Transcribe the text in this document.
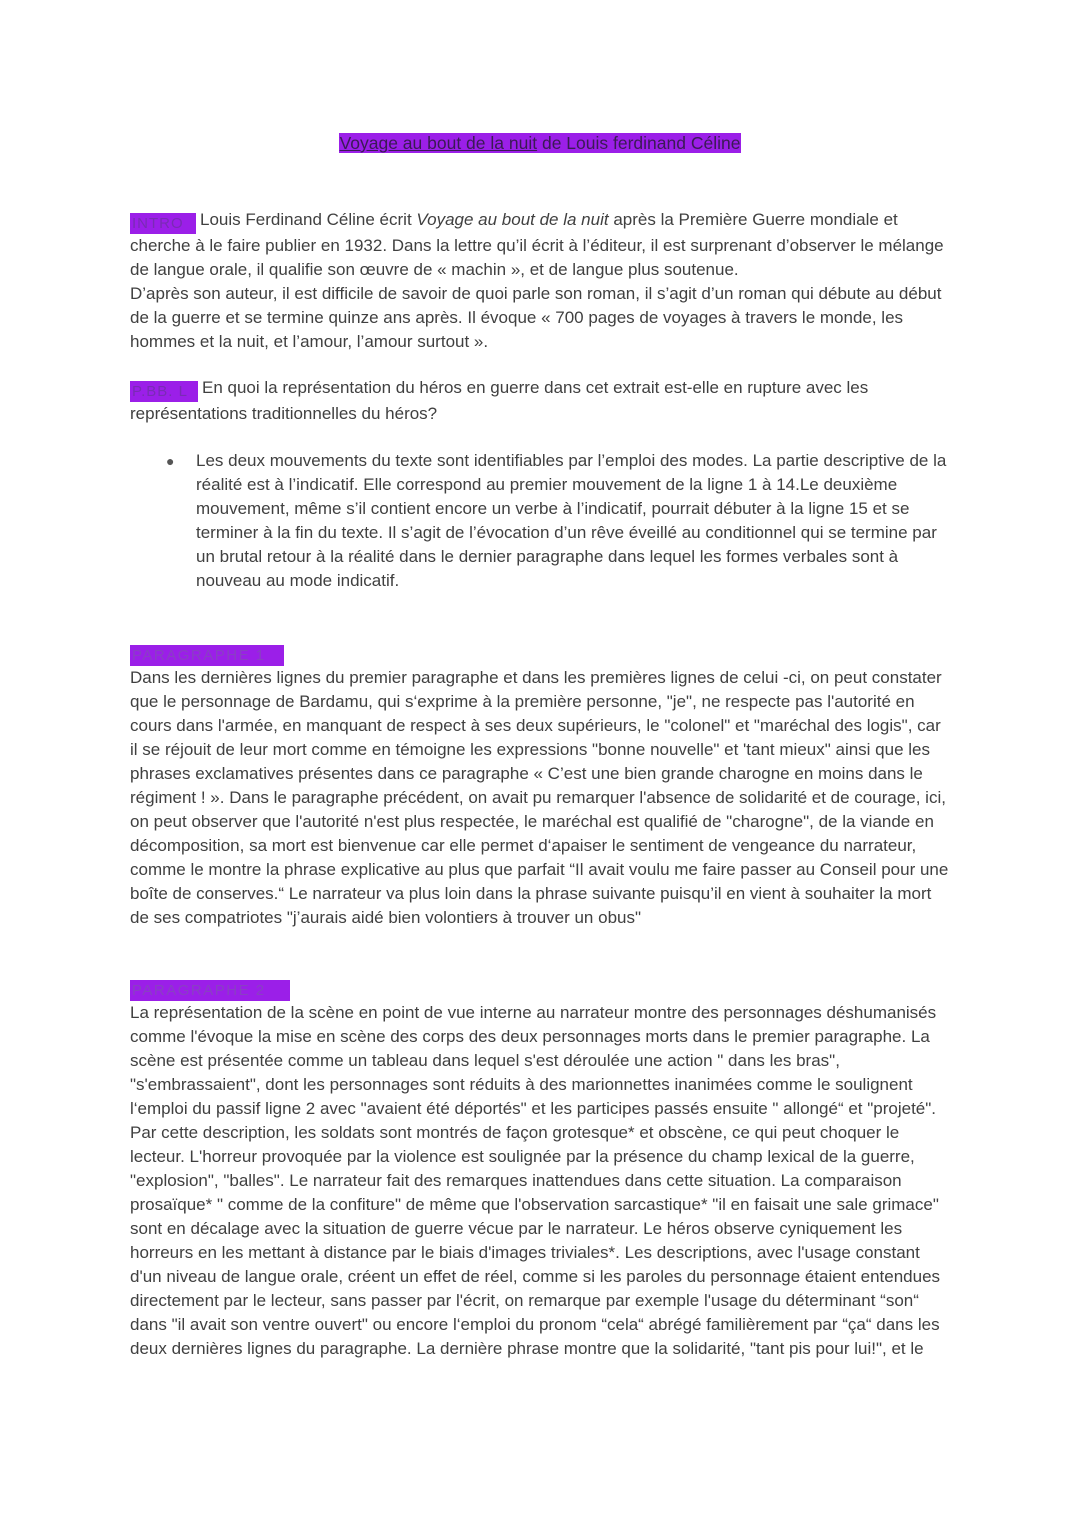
Voyage au bout de la nuit de Louis ferdinand Céline
INTRO Louis Ferdinand Céline écrit Voyage au bout de la nuit après la Première Guerre mondiale et cherche à le faire publier en 1932. Dans la lettre qu’il écrit à l’éditeur, il est surprenant d’observer le mélange de langue orale, il qualifie son œuvre de « machin », et de langue plus soutenue.
D’après son auteur, il est difficile de savoir de quoi parle son roman, il s’agit d’un roman qui débute au début de la guerre et se termine quinze ans après. Il évoque « 700 pages de voyages à travers le monde, les hommes et la nuit, et l’amour, l’amour surtout ».
P.BB. L En quoi la représentation du héros en guerre dans cet extrait est-elle en rupture avec les représentations traditionnelles du héros?
● Les deux mouvements du texte sont identifiables par l’emploi des modes. La partie descriptive de la réalité est à l’indicatif. Elle correspond au premier mouvement de la ligne 1 à 14.Le deuxième mouvement, même s’il contient encore un verbe à l’indicatif, pourrait débuter à la ligne 15 et se terminer à la fin du texte. Il s’agit de l’évocation d’un rêve éveillé au conditionnel qui se termine par un brutal retour à la réalité dans le dernier paragraphe dans lequel les formes verbales sont à nouveau au mode indicatif.
PARAGRAPHE 1
Dans les dernières lignes du premier paragraphe et dans les premières lignes de celui -ci, on peut constater que le personnage de Bardamu, qui s‘exprime à la première personne, "je", ne respecte pas l'autorité en cours dans l'armée, en manquant de respect à ses deux supérieurs, le "colonel" et "maréchal des logis", car il se réjouit de leur mort comme en témoigne les expressions "bonne nouvelle" et 'tant mieux" ainsi que les phrases exclamatives présentes dans ce paragraphe « C’est une bien grande charogne en moins dans le régiment ! ». Dans le paragraphe précédent, on avait pu remarquer l'absence de solidarité et de courage, ici, on peut observer que l'autorité n'est plus respectée, le maréchal est qualifié de "charogne", de la viande en décomposition, sa mort est bienvenue car elle permet d‘apaiser le sentiment de vengeance du narrateur, comme le montre la phrase explicative au plus que parfait “Il avait voulu me faire passer au Conseil pour une boîte de conserves.“ Le narrateur va plus loin dans la phrase suivante puisqu’il en vient à souhaiter la mort de ses compatriotes "j’aurais aidé bien volontiers à trouver un obus"
PARAGRAPHE 2
La représentation de la scène en point de vue interne au narrateur montre des personnages déshumanisés comme l'évoque la mise en scène des corps des deux personnages morts dans le premier paragraphe. La scène est présentée comme un tableau dans lequel s'est déroulée une action " dans les bras", "s'embrassaient", dont les personnages sont réduits à des marionnettes inanimées comme le soulignent l‘emploi du passif ligne 2 avec "avaient été déportés" et les participes passés ensuite " allongé“ et "projeté". Par cette description, les soldats sont montrés de façon grotesque* et obscène, ce qui peut choquer le lecteur. L'horreur provoquée par la violence est soulignée par la présence du champ lexical de la guerre, "explosion", "balles". Le narrateur fait des remarques inattendues dans cette situation. La comparaison prosaïque* " comme de la confiture" de même que l'observation sarcastique* "il en faisait une sale grimace" sont en décalage avec la situation de guerre vécue par le narrateur. Le héros observe cyniquement les horreurs en les mettant à distance par le biais d'images triviales*. Les descriptions, avec l'usage constant d'un niveau de langue orale, créent un effet de réel, comme si les paroles du personnage étaient entendues directement par le lecteur, sans passer par l'écrit, on remarque par exemple l'usage du déterminant “son“ dans "il avait son ventre ouvert" ou encore l‘emploi du pronom “cela“ abrégé familièrement par “ça“ dans les deux dernières lignes du paragraphe. La dernière phrase montre que la solidarité, "tant pis pour lui!", et le
